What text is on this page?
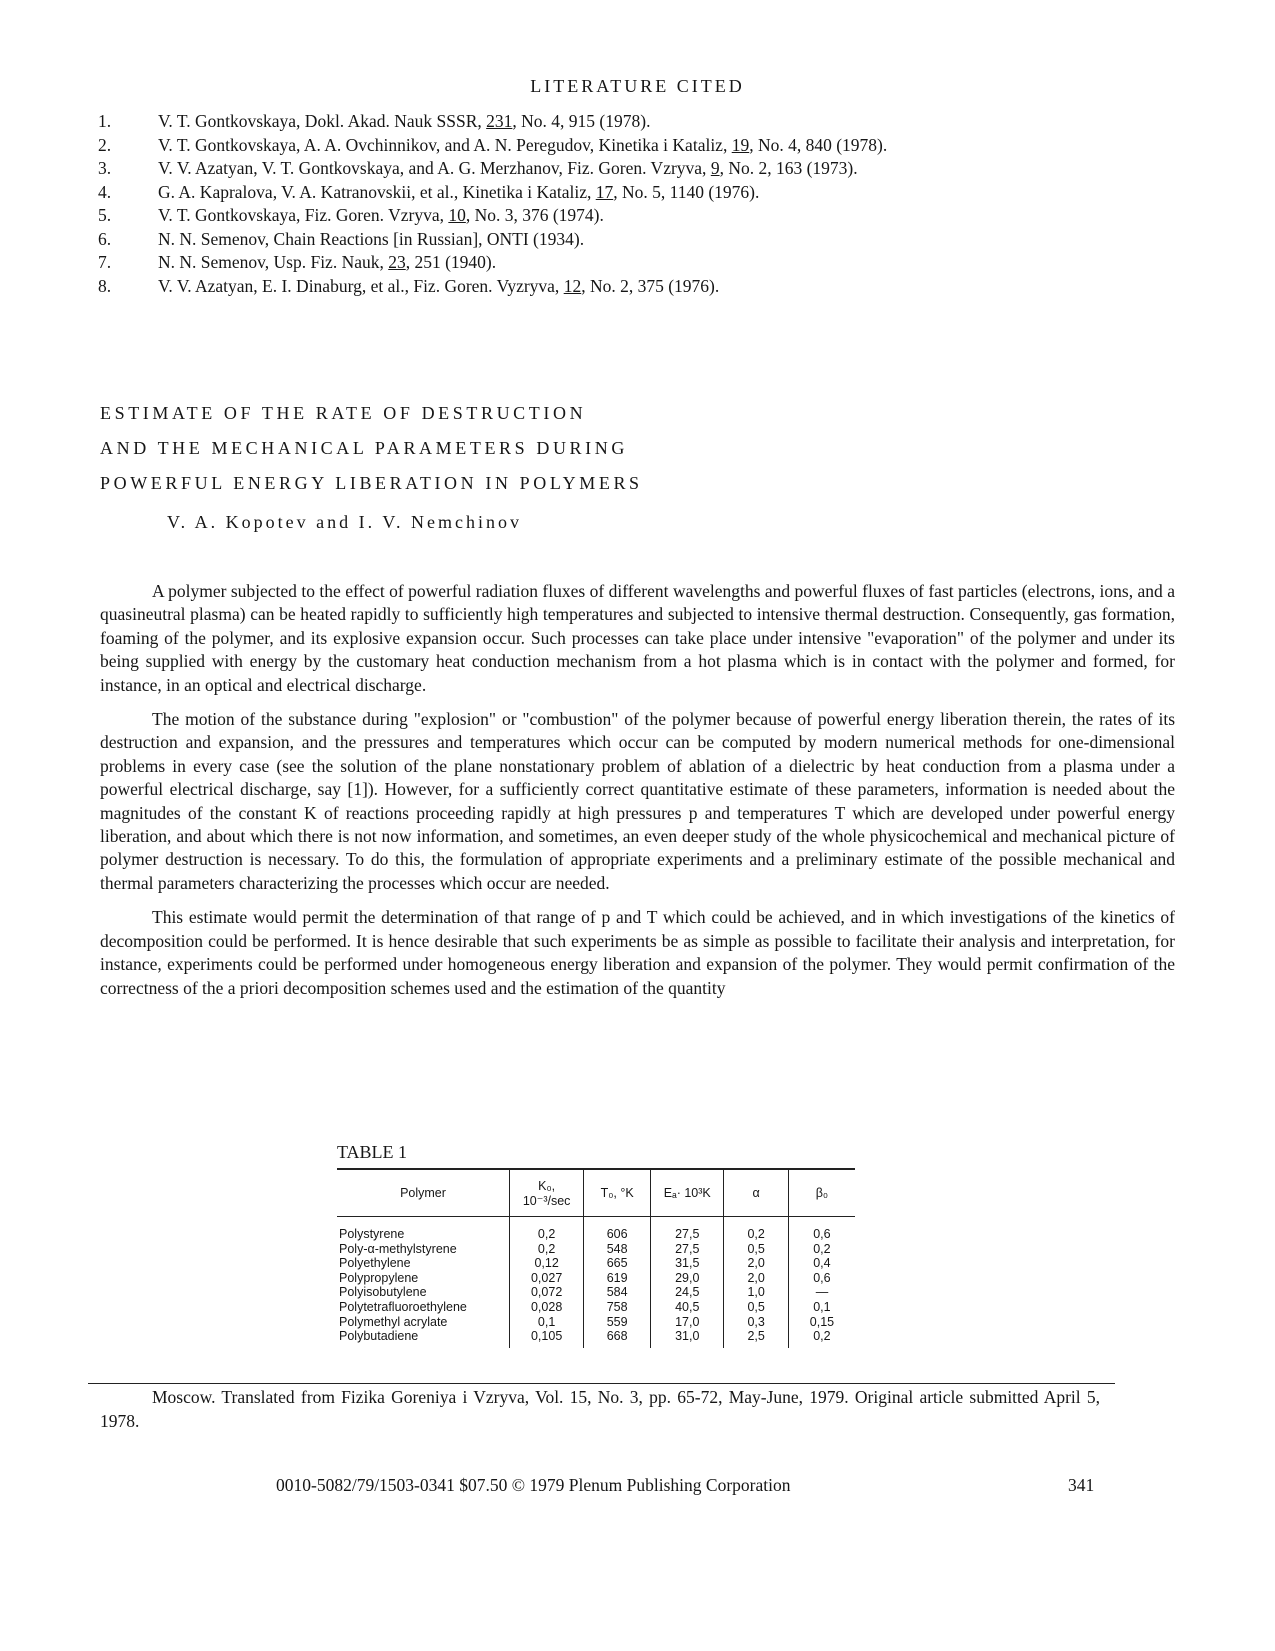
LITERATURE CITED
1.	V. T. Gontkovskaya, Dokl. Akad. Nauk SSSR, 231, No. 4, 915 (1978).
2.	V. T. Gontkovskaya, A. A. Ovchinnikov, and A. N. Peregudov, Kinetika i Kataliz, 19, No. 4, 840 (1978).
3.	V. V. Azatyan, V. T. Gontkovskaya, and A. G. Merzhanov, Fiz. Goren. Vzryva, 9, No. 2, 163 (1973).
4.	G. A. Kapralova, V. A. Katranovskii, et al., Kinetika i Kataliz, 17, No. 5, 1140 (1976).
5.	V. T. Gontkovskaya, Fiz. Goren. Vzryva, 10, No. 3, 376 (1974).
6.	N. N. Semenov, Chain Reactions [in Russian], ONTI (1934).
7.	N. N. Semenov, Usp. Fiz. Nauk, 23, 251 (1940).
8.	V. V. Azatyan, E. I. Dinaburg, et al., Fiz. Goren. Vyzryva, 12, No. 2, 375 (1976).
ESTIMATE OF THE RATE OF DESTRUCTION
AND THE MECHANICAL PARAMETERS DURING
POWERFUL ENERGY LIBERATION IN POLYMERS
V. A. Kopotev and I. V. Nemchinov

A polymer subjected to the effect of powerful radiation fluxes of different wavelengths and powerful fluxes of fast particles (electrons, ions, and a quasineutral plasma) can be heated rapidly to sufficiently high temperatures and subjected to intensive thermal destruction. Consequently, gas formation, foaming of the polymer, and its explosive expansion occur. Such processes can take place under intensive "evaporation" of the polymer and under its being supplied with energy by the customary heat conduction mechanism from a hot plasma which is in contact with the polymer and formed, for instance, in an optical and electrical discharge.

The motion of the substance during "explosion" or "combustion" of the polymer because of powerful energy liberation therein, the rates of its destruction and expansion, and the pressures and temperatures which occur can be computed by modern numerical methods for one-dimensional problems in every case (see the solution of the plane nonstationary problem of ablation of a dielectric by heat conduction from a plasma under a powerful electrical discharge, say [1]). However, for a sufficiently correct quantitative estimate of these parameters, information is needed about the magnitudes of the constant K of reactions proceeding rapidly at high pressures p and temperatures T which are developed under powerful energy liberation, and about which there is not now information, and sometimes, an even deeper study of the whole physicochemical and mechanical picture of polymer destruction is necessary. To do this, the formulation of appropriate experiments and a preliminary estimate of the possible mechanical and thermal parameters characterizing the processes which occur are needed.

This estimate would permit the determination of that range of p and T which could be achieved, and in which investigations of the kinetics of decomposition could be performed. It is hence desirable that such experiments be as simple as possible to facilitate their analysis and interpretation, for instance, experiments could be performed under homogeneous energy liberation and expansion of the polymer. They would permit confirmation of the correctness of the a priori decomposition schemes used and the estimation of the quantity

TABLE 1
Polymer	K₀,
10⁻³/sec	T₀, °K	Eₐ· 10³K	α	β₀
Polystyrene	0,2	606	27,5	0,2	0,6
Poly-α-methylstyrene	0,2	548	27,5	0,5	0,2
Polyethylene	0,12	665	31,5	2,0	0,4
Polypropylene	0,027	619	29,0	2,0	0,6
Polyisobutylene	0,072	584	24,5	1,0	—
Polytetrafluoroethylene	0,028	758	40,5	0,5	0,1
Polymethyl acrylate	0,1	559	17,0	0,3	0,15
Polybutadiene	0,105	668	31,0	2,5	0,2

Moscow. Translated from Fizika Goreniya i Vzryva, Vol. 15, No. 3, pp. 65-72, May-June, 1979. Original article submitted April 5, 1978.

0010-5082/79/1503-0341 $07.50 © 1979 Plenum Publishing Corporation	341
